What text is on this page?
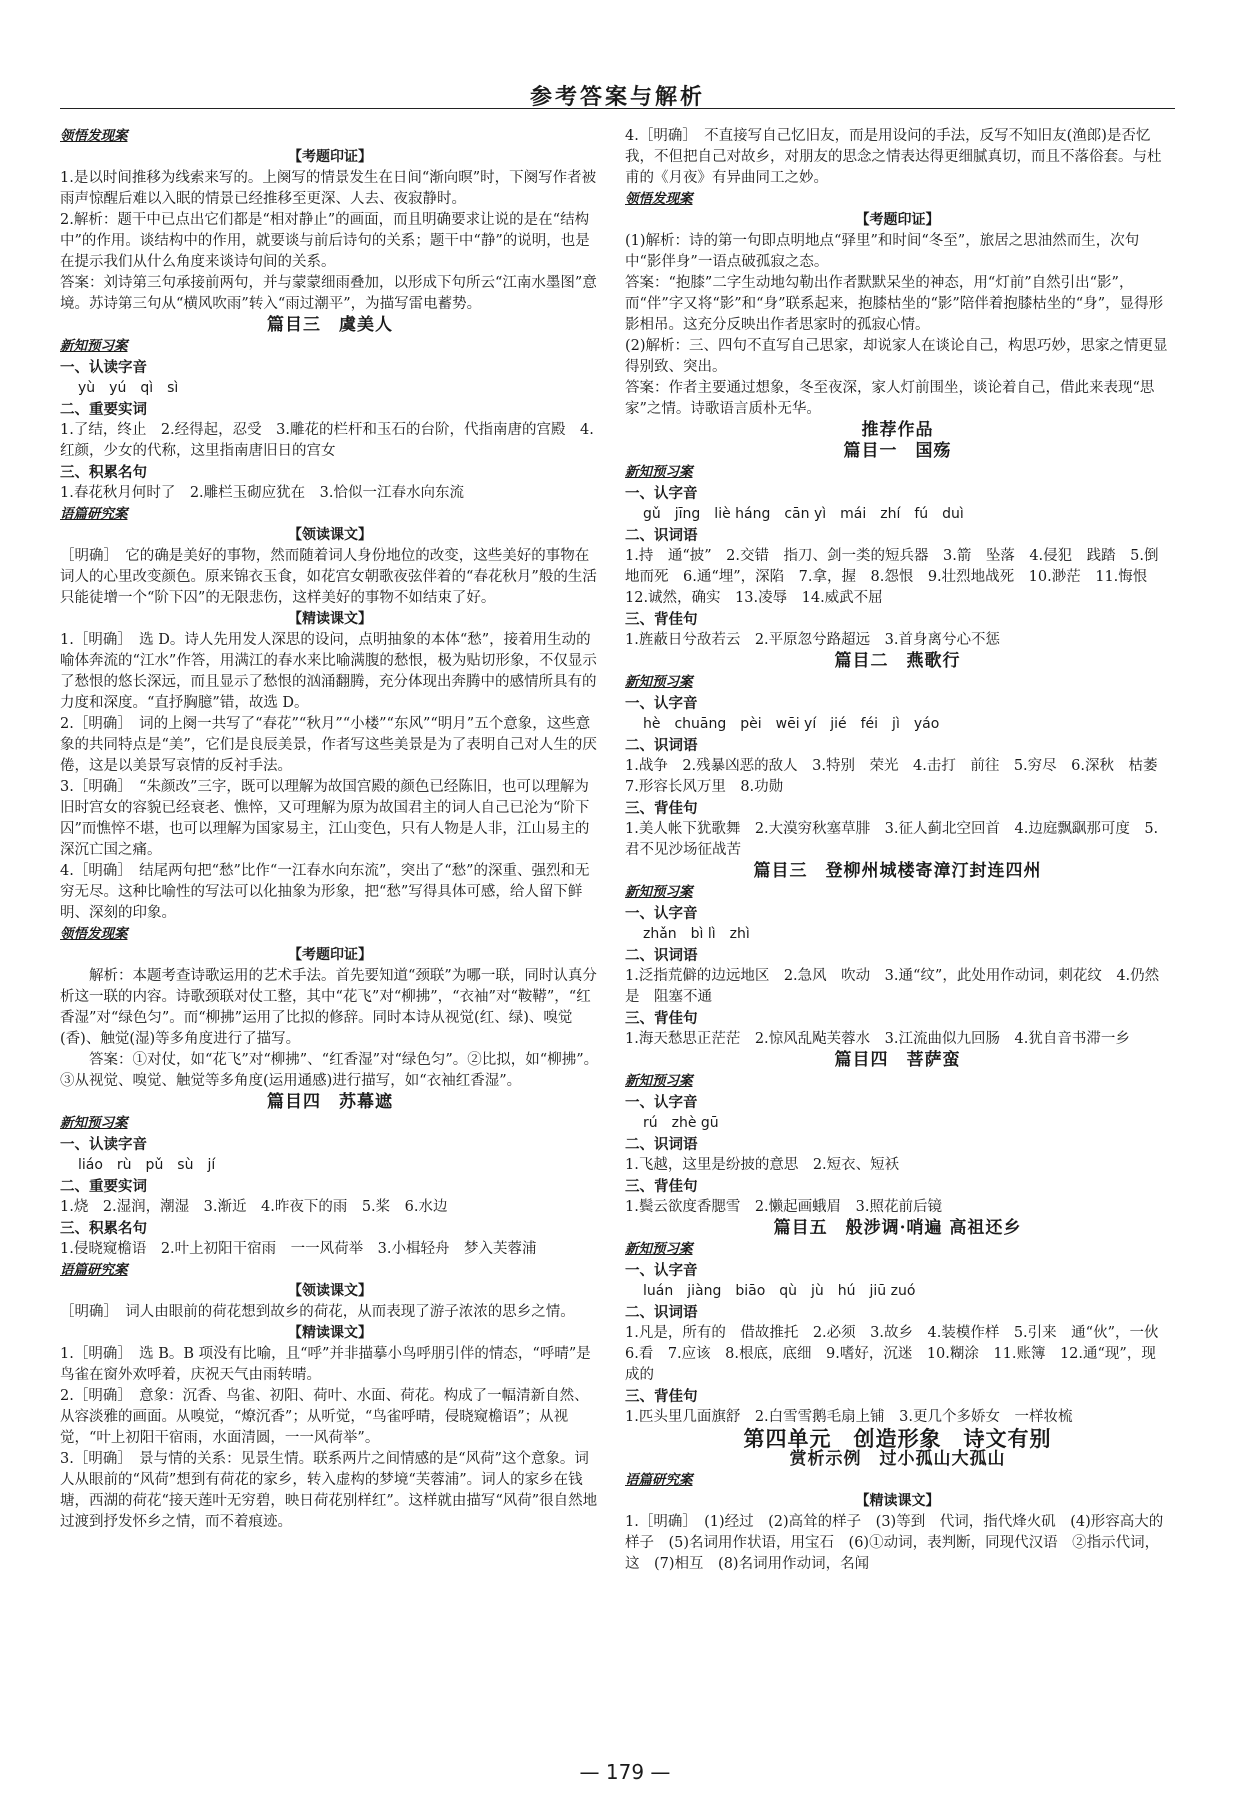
参考答案与解析

领悟发现案

【考题印证】

1.是以时间推移为线索来写的。上阕写的情景发生在日间“渐向暝”时，下阕写作者被雨声惊醒后难以入眠的情景已经推移至更深、人去、夜寂静时。

2.解析：题干中已点出它们都是“相对静止”的画面，而且明确要求让说的是在“结构中”的作用。谈结构中的作用，就要谈与前后诗句的关系；题干中“静”的说明，也是在提示我们从什么角度来谈诗句间的关系。

答案：刘诗第三句承接前两句，并与蒙蒙细雨叠加，以形成下句所云“江南水墨图”意境。苏诗第三句从“横风吹雨”转入“雨过潮平”，为描写雷电蓄势。

篇目三　虞美人

新知预习案

一、认读字音

yù　yú　qì　sì

二、重要实词

1.了结，终止　2.经得起，忍受　3.雕花的栏杆和玉石的台阶，代指南唐的宫殿　4.红颜，少女的代称，这里指南唐旧日的宫女

三、积累名句

1.春花秋月何时了　2.雕栏玉砌应犹在　3.恰似一江春水向东流

语篇研究案

【领读课文】

［明确］　它的确是美好的事物，然而随着词人身份地位的改变，这些美好的事物在词人的心里改变颜色。原来锦衣玉食，如花宫女朝歌夜弦伴着的“春花秋月”般的生活只能徒增一个“阶下囚”的无限悲伤，这样美好的事物不如结束了好。

【精读课文】

1.［明确］　选 D。诗人先用发人深思的设问，点明抽象的本体“愁”，接着用生动的喻体奔流的“江水”作答，用满江的春水来比喻满腹的愁恨，极为贴切形象，不仅显示了愁恨的悠长深远，而且显示了愁恨的汹涌翻腾，充分体现出奔腾中的感情所具有的力度和深度。“直抒胸臆”错，故选 D。

2.［明确］　词的上阕一共写了“春花”“秋月”“小楼”“东风”“明月”五个意象，这些意象的共同特点是“美”，它们是良辰美景，作者写这些美景是为了表明自己对人生的厌倦，这是以美景写哀情的反衬手法。

3.［明确］　“朱颜改”三字，既可以理解为故国宫殿的颜色已经陈旧，也可以理解为旧时宫女的容貌已经衰老、憔悴，又可理解为原为故国君主的词人自己已沦为“阶下囚”而憔悴不堪，也可以理解为国家易主，江山变色，只有人物是人非，江山易主的深沉亡国之痛。

4.［明确］　结尾两句把“愁”比作“一江春水向东流”，突出了“愁”的深重、强烈和无穷无尽。这种比喻性的写法可以化抽象为形象，把“愁”写得具体可感，给人留下鲜明、深刻的印象。

领悟发现案

【考题印证】

解析：本题考查诗歌运用的艺术手法。首先要知道“颈联”为哪一联，同时认真分析这一联的内容。诗歌颈联对仗工整，其中“花飞”对“柳拂”，“衣袖”对“鞍鞯”，“红香湿”对“绿色匀”。而“柳拂”运用了比拟的修辞。同时本诗从视觉(红、绿)、嗅觉(香)、触觉(湿)等多角度进行了描写。

答案：①对仗，如“花飞”对“柳拂”、“红香湿”对“绿色匀”。②比拟，如“柳拂”。③从视觉、嗅觉、触觉等多角度(运用通感)进行描写，如“衣袖红香湿”。

篇目四　苏幕遮

新知预习案

一、认读字音

liáo　rù　pǔ　sù　jí

二、重要实词

1.烧　2.湿润，潮湿　3.渐近　4.昨夜下的雨　5.桨　6.水边

三、积累名句

1.侵晓窥檐语　2.叶上初阳干宿雨　一一风荷举　3.小楫轻舟　梦入芙蓉浦

语篇研究案

【领读课文】

［明确］　词人由眼前的荷花想到故乡的荷花，从而表现了游子浓浓的思乡之情。

【精读课文】

1.［明确］　选 B。B 项没有比喻，且“呼”并非描摹小鸟呼朋引伴的情态，“呼晴”是鸟雀在窗外欢呼着，庆祝天气由雨转晴。

2.［明确］　意象：沉香、鸟雀、初阳、荷叶、水面、荷花。构成了一幅清新自然、从容淡雅的画面。从嗅觉，“燎沉香”；从听觉，“鸟雀呼晴，侵晓窥檐语”；从视觉，“叶上初阳干宿雨，水面清圆，一一风荷举”。

3.［明确］　景与情的关系：见景生情。联系两片之间情感的是“风荷”这个意象。词人从眼前的“风荷”想到有荷花的家乡，转入虚构的梦境“芙蓉浦”。词人的家乡在钱塘，西湖的荷花“接天莲叶无穷碧，映日荷花别样红”。这样就由描写“风荷”很自然地过渡到抒发怀乡之情，而不着痕迹。

4.［明确］　不直接写自己忆旧友，而是用设问的手法，反写不知旧友(渔郎)是否忆我，不但把自己对故乡，对朋友的思念之情表达得更细腻真切，而且不落俗套。与杜甫的《月夜》有异曲同工之妙。

领悟发现案

【考题印证】

(1)解析：诗的第一句即点明地点“驿里”和时间“冬至”，旅居之思油然而生，次句中“影伴身”一语点破孤寂之态。

答案：“抱膝”二字生动地勾勒出作者默默呆坐的神态，用“灯前”自然引出“影”，而“伴”字又将“影”和“身”联系起来，抱膝枯坐的“影”陪伴着抱膝枯坐的“身”，显得形影相吊。这充分反映出作者思家时的孤寂心情。

(2)解析：三、四句不直写自己思家，却说家人在谈论自己，构思巧妙，思家之情更显得别致、突出。

答案：作者主要通过想象，冬至夜深，家人灯前围坐，谈论着自己，借此来表现“思家”之情。诗歌语言质朴无华。

推荐作品

篇目一　国殇

新知预习案

一、认字音

gǔ　jīng　liè háng　cān yì　mái　zhí　fú　duì

二、识词语

1.持　通“披”　2.交错　指刀、剑一类的短兵器　3.箭　坠落　4.侵犯　践踏　5.倒地而死　6.通“埋”，深陷　7.拿，握　8.怨恨　9.壮烈地战死　10.渺茫　11.悔恨　12.诚然，确实　13.凌辱　14.威武不屈

三、背佳句

1.旌蔽日兮敌若云　2.平原忽兮路超远　3.首身离兮心不惩

篇目二　燕歌行

新知预习案

一、认字音

hè　chuāng　pèi　wēi yí　jié　féi　jì　yáo

二、识词语

1.战争　2.残暴凶恶的敌人　3.特别　荣光　4.击打　前往　5.穷尽　6.深秋　枯萎　7.形容长风万里　8.功勋

三、背佳句

1.美人帐下犹歌舞　2.大漠穷秋塞草腓　3.征人蓟北空回首　4.边庭飘飖那可度　5.君不见沙场征战苦

篇目三　登柳州城楼寄漳汀封连四州

新知预习案

一、认字音

zhǎn　bì lì　zhì

二、识词语

1.泛指荒僻的边远地区　2.急风　吹动　3.通“纹”，此处用作动词，刺花纹　4.仍然是　阻塞不通

三、背佳句

1.海天愁思正茫茫　2.惊风乱飐芙蓉水　3.江流曲似九回肠　4.犹自音书滞一乡

篇目四　菩萨蛮

新知预习案

一、认字音

rú　zhè gū

二、识词语

1.飞越，这里是纷披的意思　2.短衣、短袄

三、背佳句

1.鬓云欲度香腮雪　2.懒起画蛾眉　3.照花前后镜

篇目五　般涉调·哨遍 高祖还乡

新知预习案

一、认字音

luán　jiàng　biāo　qù　jù　hú　jiū zuó

二、识词语

1.凡是，所有的　借故推托　2.必须　3.故乡　4.装模作样　5.引来　通“伙”，一伙　6.看　7.应该　8.根底，底细　9.嗜好，沉迷　10.糊涂　11.账簿　12.通“现”，现成的

三、背佳句

1.匹头里几面旗舒　2.白雪雪鹅毛扇上铺　3.更几个多娇女　一样妆梳

第四单元　创造形象　诗文有别

赏析示例　过小孤山大孤山

语篇研究案

【精读课文】

1.［明确］　(1)经过　(2)高耸的样子　(3)等到　代词，指代烽火矶　(4)形容高大的样子　(5)名词用作状语，用宝石　(6)①动词，表判断，同现代汉语　②指示代词，这　(7)相互　(8)名词用作动词，名闻

— 179 —
